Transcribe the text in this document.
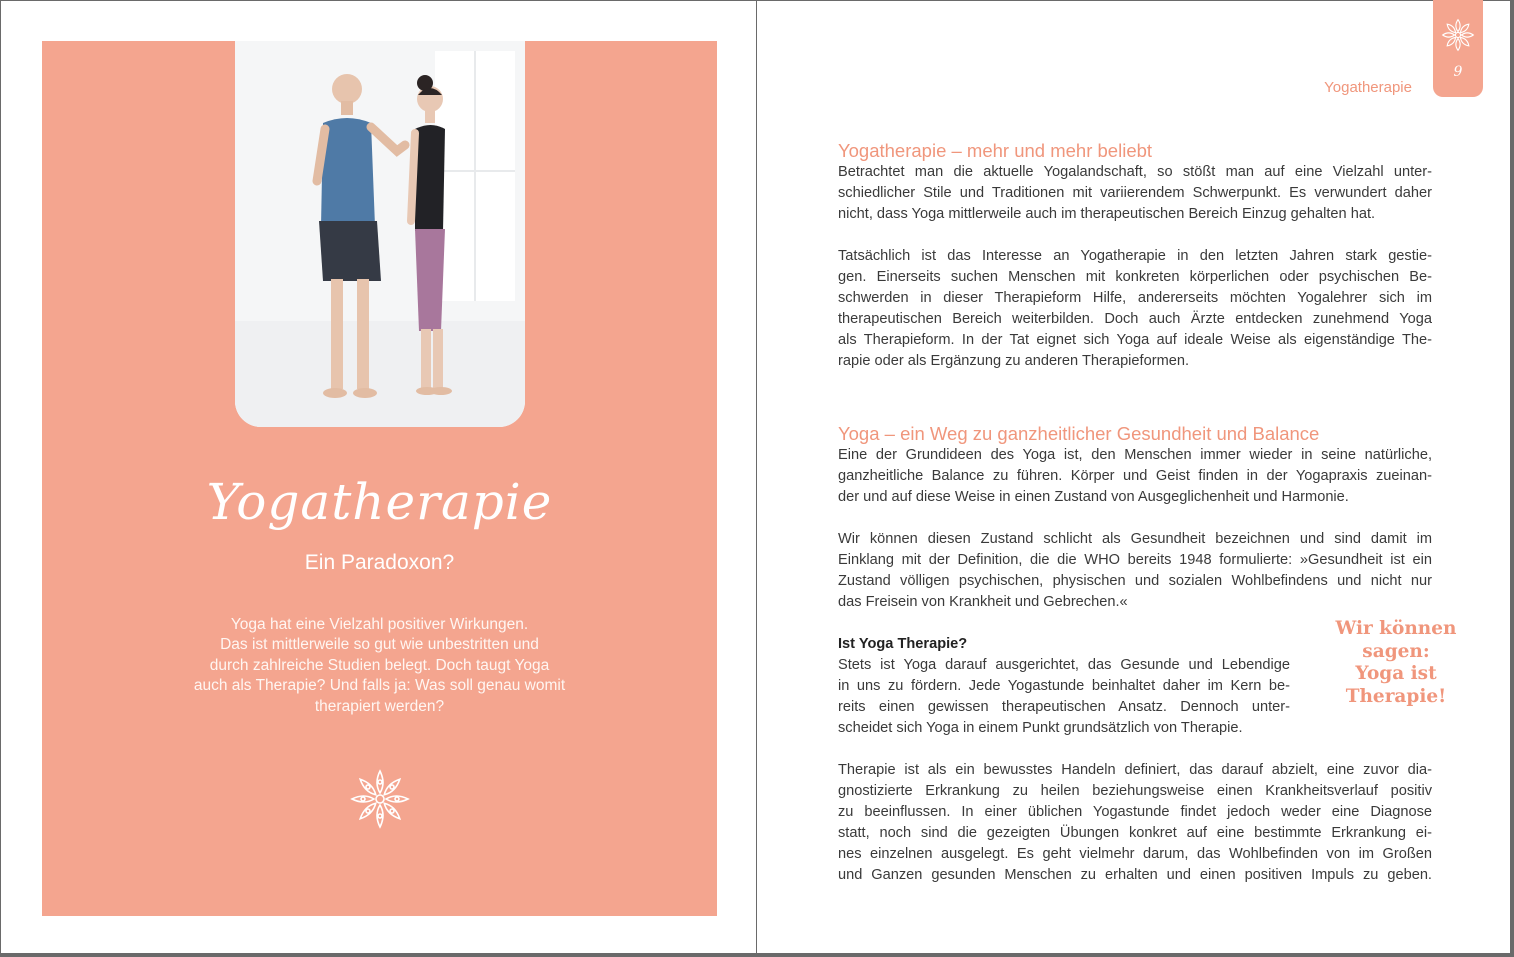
Yogatherapie
Ein Paradoxon?

Yoga hat eine Vielzahl positiver Wirkungen.

Das ist mittlerweile so gut wie unbestritten und

durch zahlreiche Studien belegt. Doch taugt Yoga

auch als Therapie? Und falls ja: Was soll genau womit

therapiert werden?

9
Yogatherapie
Yogatherapie – mehr und mehr beliebt
Betrachtet man die aktuelle Yogalandschaft, so stößt man auf eine Vielzahl unter-
schiedlicher Stile und Traditionen mit variierendem Schwerpunkt. Es verwundert daher
nicht, dass Yoga mittlerweile auch im therapeutischen Bereich Einzug gehalten hat.
Tatsächlich ist das Interesse an Yogatherapie in den letzten Jahren stark gestie-
gen. Einerseits suchen Menschen mit konkreten körperlichen oder psychischen Be-
schwerden in dieser Therapieform Hilfe, andererseits möchten Yogalehrer sich im
therapeutischen Bereich weiterbilden. Doch auch Ärzte entdecken zunehmend Yoga
als Therapieform. In der Tat eignet sich Yoga auf ideale Weise als eigenständige The-
rapie oder als Ergänzung zu anderen Therapieformen.
Yoga – ein Weg zu ganzheitlicher Gesundheit und Balance
Eine der Grundideen des Yoga ist, den Menschen immer wieder in seine natürliche,
ganzheitliche Balance zu führen. Körper und Geist finden in der Yogapraxis zueinan-
der und auf diese Weise in einen Zustand von Ausgeglichenheit und Harmonie.
Wir können diesen Zustand schlicht als Gesundheit bezeichnen und sind damit im
Einklang mit der Definition, die die WHO bereits 1948 formulierte: »Gesundheit ist ein
Zustand völligen psychischen, physischen und sozialen Wohlbefindens und nicht nur
das Freisein von Krankheit und Gebrechen.«
Ist Yoga Therapie?
Stets ist Yoga darauf ausgerichtet, das Gesunde und Lebendige
in uns zu fördern. Jede Yogastunde beinhaltet daher im Kern be-
reits einen gewissen therapeutischen Ansatz. Dennoch unter-
scheidet sich Yoga in einem Punkt grundsätzlich von Therapie.
Therapie ist als ein bewusstes Handeln definiert, das darauf abzielt, eine zuvor dia-
gnostizierte Erkrankung zu heilen beziehungsweise einen Krankheitsverlauf positiv
zu beeinflussen. In einer üblichen Yogastunde findet jedoch weder eine Diagnose
statt, noch sind die gezeigten Übungen konkret auf eine bestimmte Erkrankung ei-
nes einzelnen ausgelegt. Es geht vielmehr darum, das Wohlbefinden von im Großen
und Ganzen gesunden Menschen zu erhalten und einen positiven Impuls zu geben.
Wir können
sagen:
Yoga ist
Therapie!
